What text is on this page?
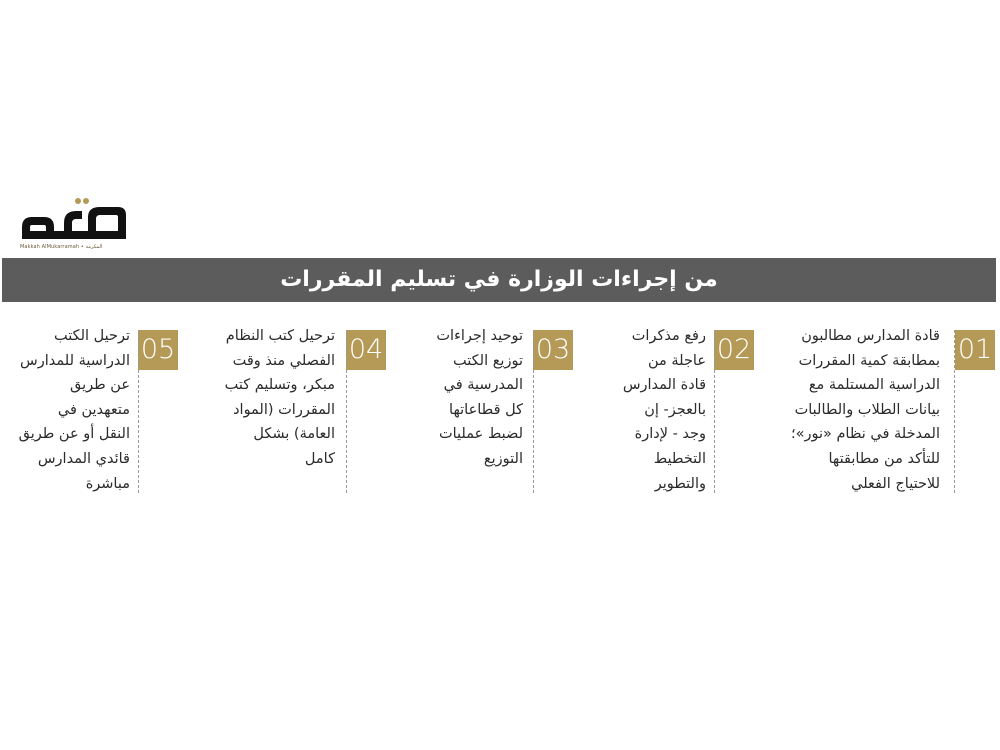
Makkah AlMukarramah • المكرمة
من إجراءات الوزارة في تسليم المقررات
01
قادة المدارس مطالبون
بمطابقة كمية المقررات
الدراسية المستلمة مع
بيانات الطلاب والطالبات
المدخلة في نظام «نور»؛
للتأكد من مطابقتها
للاحتياج الفعلي
02
رفع مذكرات
عاجلة من
قادة المدارس
بالعجز- إن
وجد - لإدارة
التخطيط
والتطوير
03
توحيد إجراءات
توزيع الكتب
المدرسية في
كل قطاعاتها
لضبط عمليات
التوزيع
04
ترحيل كتب النظام
الفصلي منذ وقت
مبكر، وتسليم كتب
المقررات (المواد
العامة) بشكل
كامل
05
ترحيل الكتب
الدراسية للمدارس
عن طريق
متعهدين في
النقل أو عن طريق
قائدي المدارس
مباشرة
